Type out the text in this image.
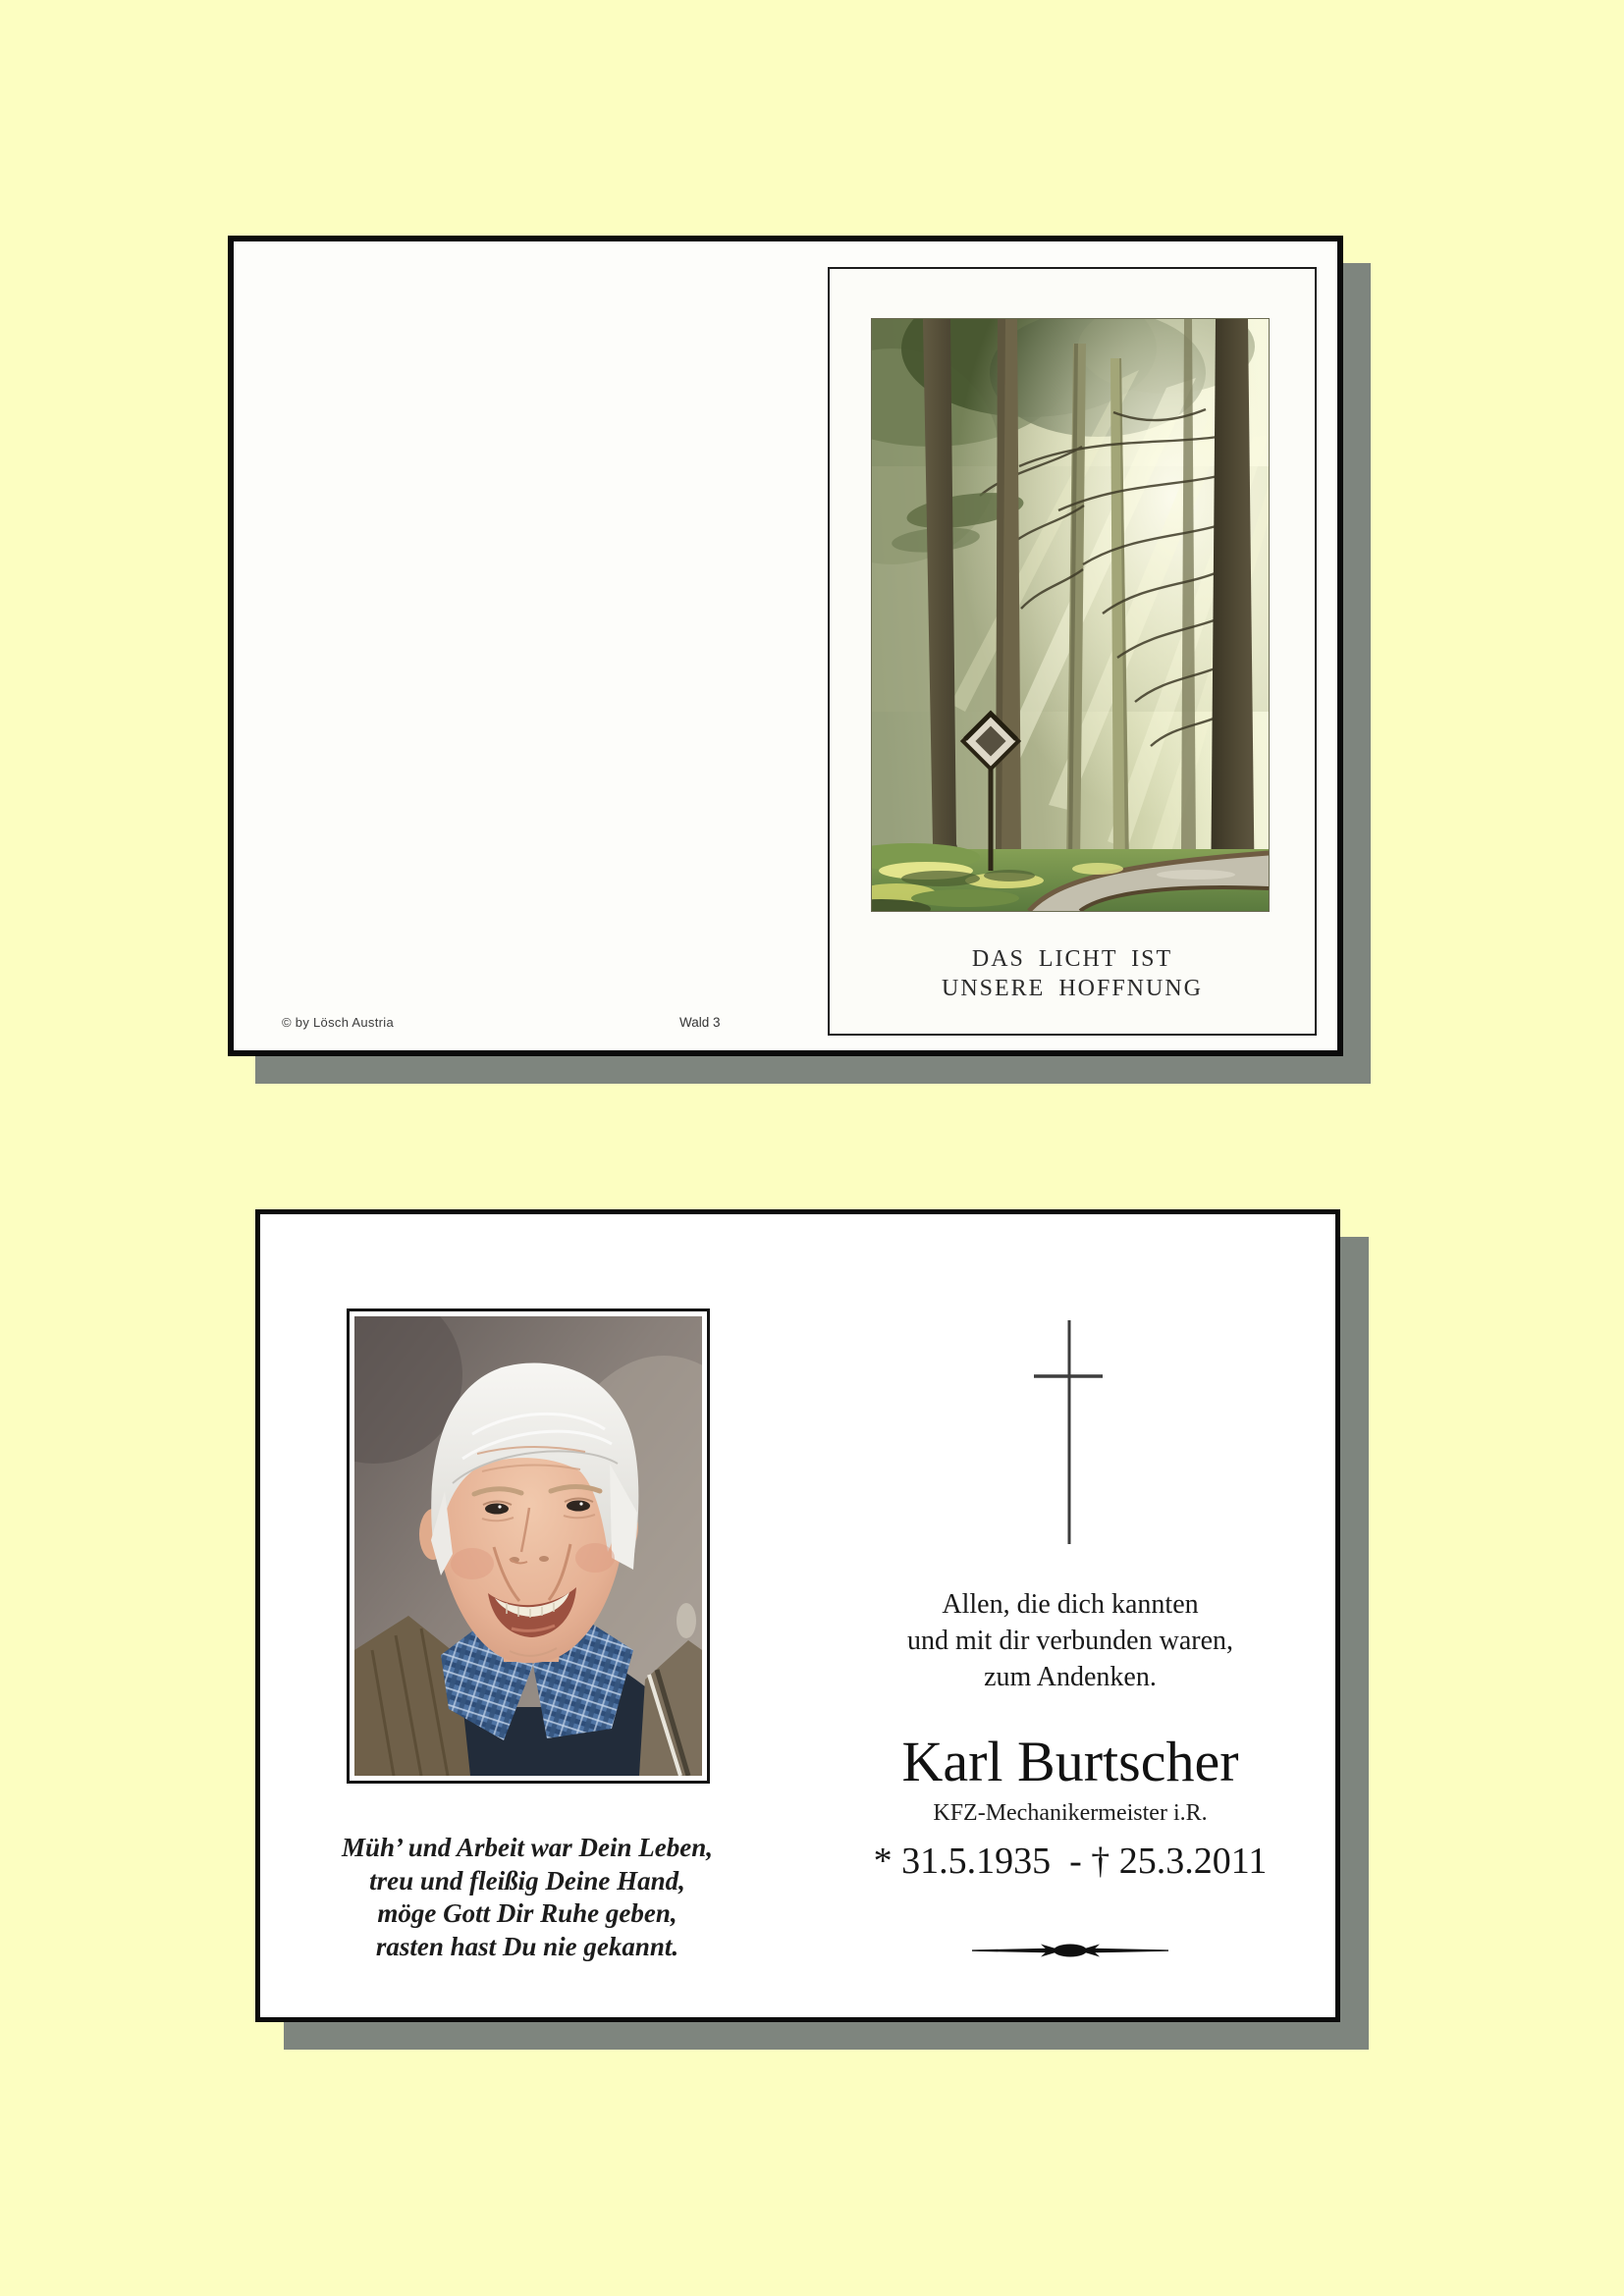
DAS LICHT IST
UNSERE HOFFNUNG
© by Lösch Austria	Wald 3
Allen, die dich kannten
und mit dir verbunden waren,
zum Andenken.
Karl Burtscher
KFZ-Mechanikermeister i.R.
* 31.5.1935  - † 25.3.2011
Müh’ und Arbeit war Dein Leben,
treu und fleißig Deine Hand,
möge Gott Dir Ruhe geben,
rasten hast Du nie gekannt.
